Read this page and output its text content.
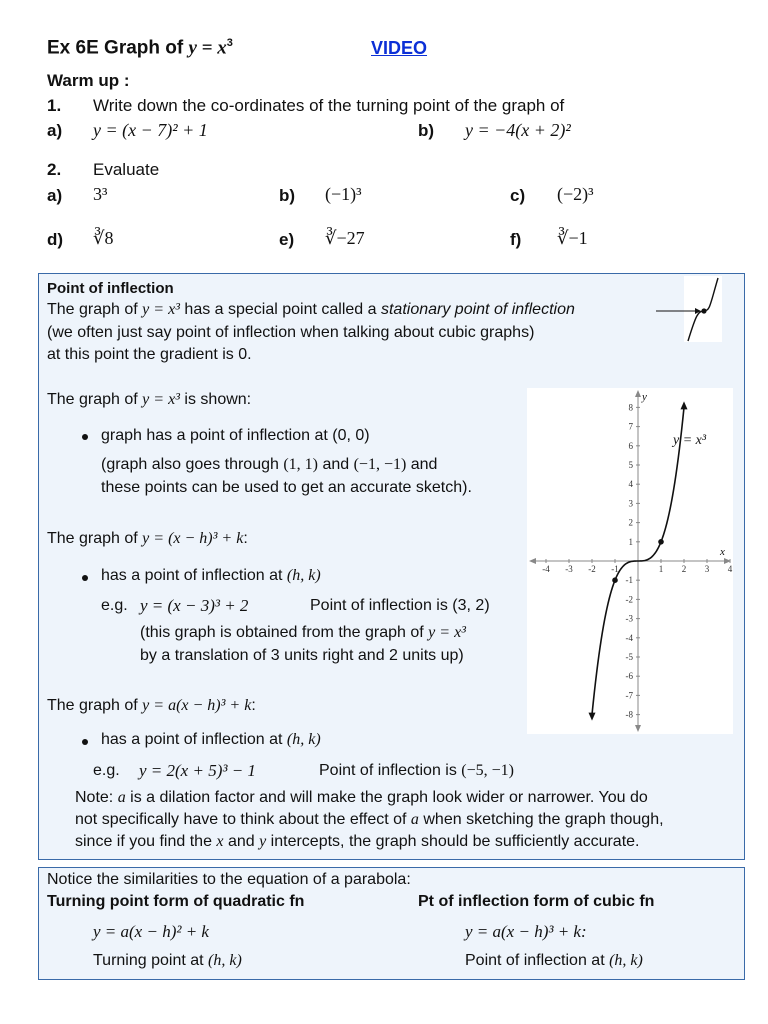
Ex 6E Graph of $y = x^3$	VIDEO
Warm up :
1. Write down the co-ordinates of the turning point of the graph of
a) y = (x − 7)² + 1	b) y = −4(x + 2)²
2. Evaluate
a) 3³	b) (−1)³	c) (−2)³
d) ∛8	e) ∛−27	f) ∛−1
Point of inflection
The graph of y = x³ has a special point called a stationary point of inflection
(we often just say point of inflection when talking about cubic graphs)
at this point the gradient is 0.
The graph of y = x³ is shown:
graph has a point of inflection at (0, 0)
(graph also goes through (1, 1) and (−1, −1) and
these points can be used to get an accurate sketch).
The graph of y = (x − h)³ + k:
has a point of inflection at (h, k)
e.g. y = (x − 3)³ + 2	Point of inflection is (3, 2)
(this graph is obtained from the graph of y = x³
by a translation of 3 units right and 2 units up)
The graph of y = a(x − h)³ + k:
has a point of inflection at (h, k)
e.g. y = 2(x + 5)³ − 1	Point of inflection is (−5, −1)
Note: a is a dilation factor and will make the graph look wider or narrower. You do
not specifically have to think about the effect of a when sketching the graph though,
since if you find the x and y intercepts, the graph should be sufficiently accurate.
-4 -3 -2 -1	1 2 3 4
8
7
6
5
4
3
2
1
-1
-2
-3
-4
-5
-6
-7
-8
y = x³
x
y
Notice the similarities to the equation of a parabola:
Turning point form of quadratic fn	Pt of inflection form of cubic fn
y = a(x − h)² + k	y = a(x − h)³ + k:
Turning point at (h, k)	Point of inflection at (h, k)
